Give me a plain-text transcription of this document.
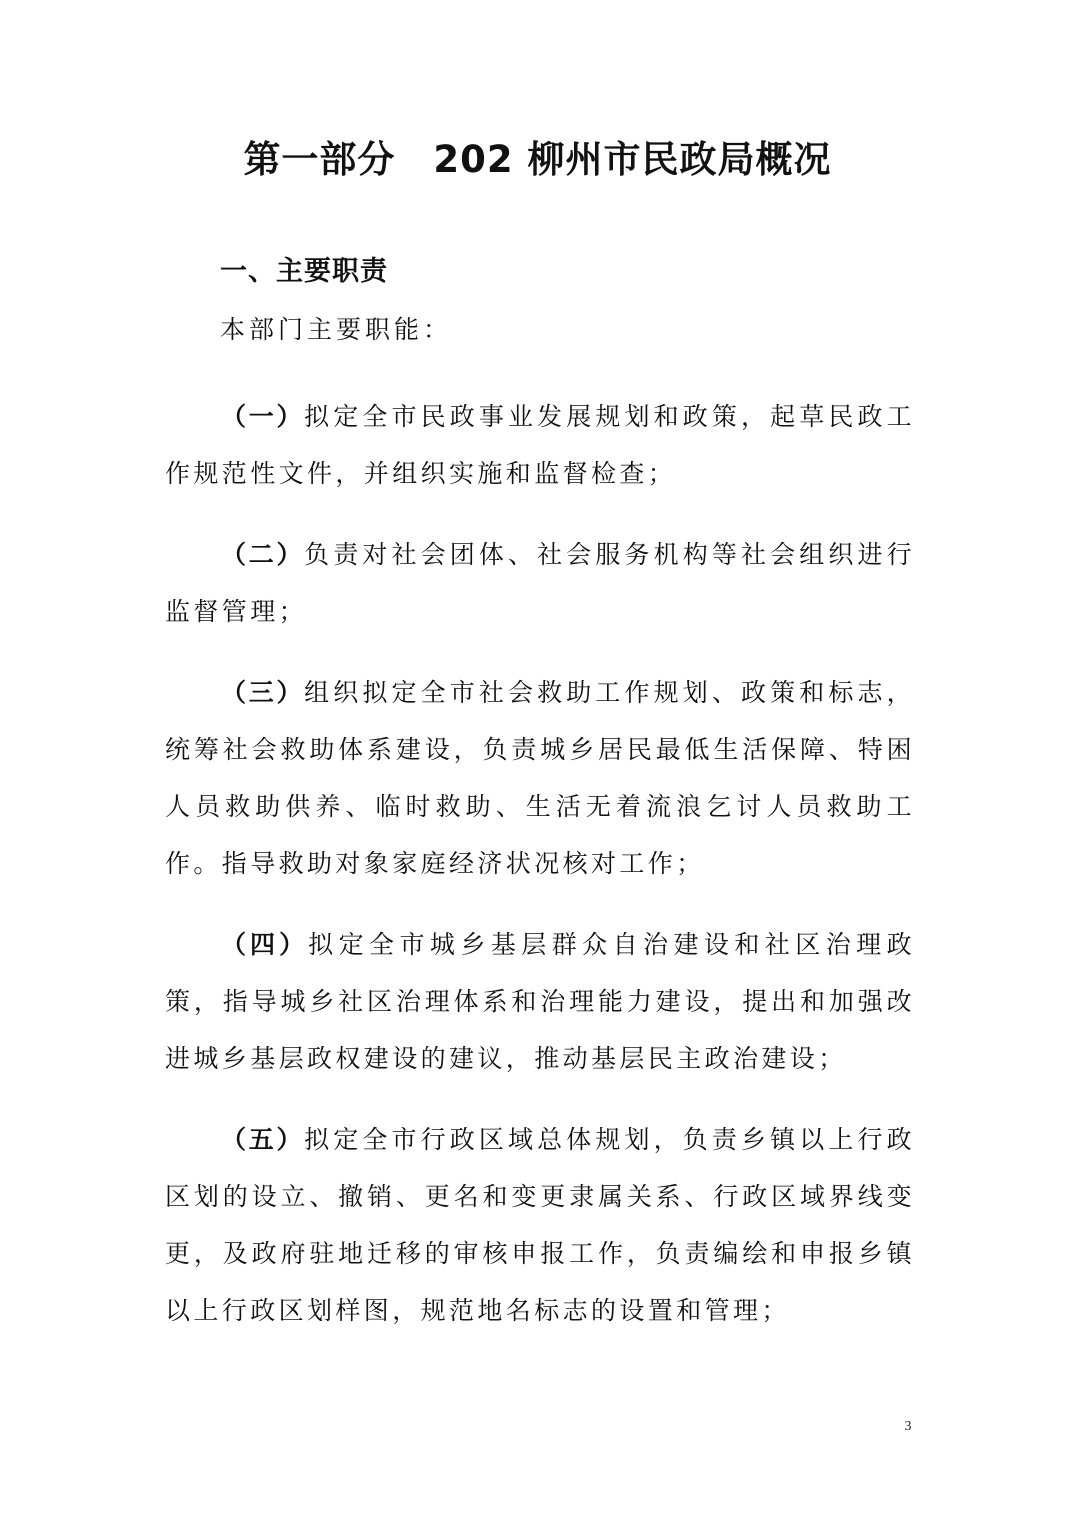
第一部分　202 柳州市民政局概况
一、主要职责
本部门主要职能：

（一）拟定全市民政事业发展规划和政策，起草民政工作规范性文件，并组织实施和监督检查；

（二）负责对社会团体、社会服务机构等社会组织进行监督管理；

（三）组织拟定全市社会救助工作规划、政策和标志，统筹社会救助体系建设，负责城乡居民最低生活保障、特困人员救助供养、临时救助、生活无着流浪乞讨人员救助工作。指导救助对象家庭经济状况核对工作；

（四）拟定全市城乡基层群众自治建设和社区治理政策，指导城乡社区治理体系和治理能力建设，提出和加强改进城乡基层政权建设的建议，推动基层民主政治建设；

（五）拟定全市行政区域总体规划，负责乡镇以上行政区划的设立、撤销、更名和变更隶属关系、行政区域界线变更，及政府驻地迁移的审核申报工作，负责编绘和申报乡镇以上行政区划样图，规范地名标志的设置和管理；

3
